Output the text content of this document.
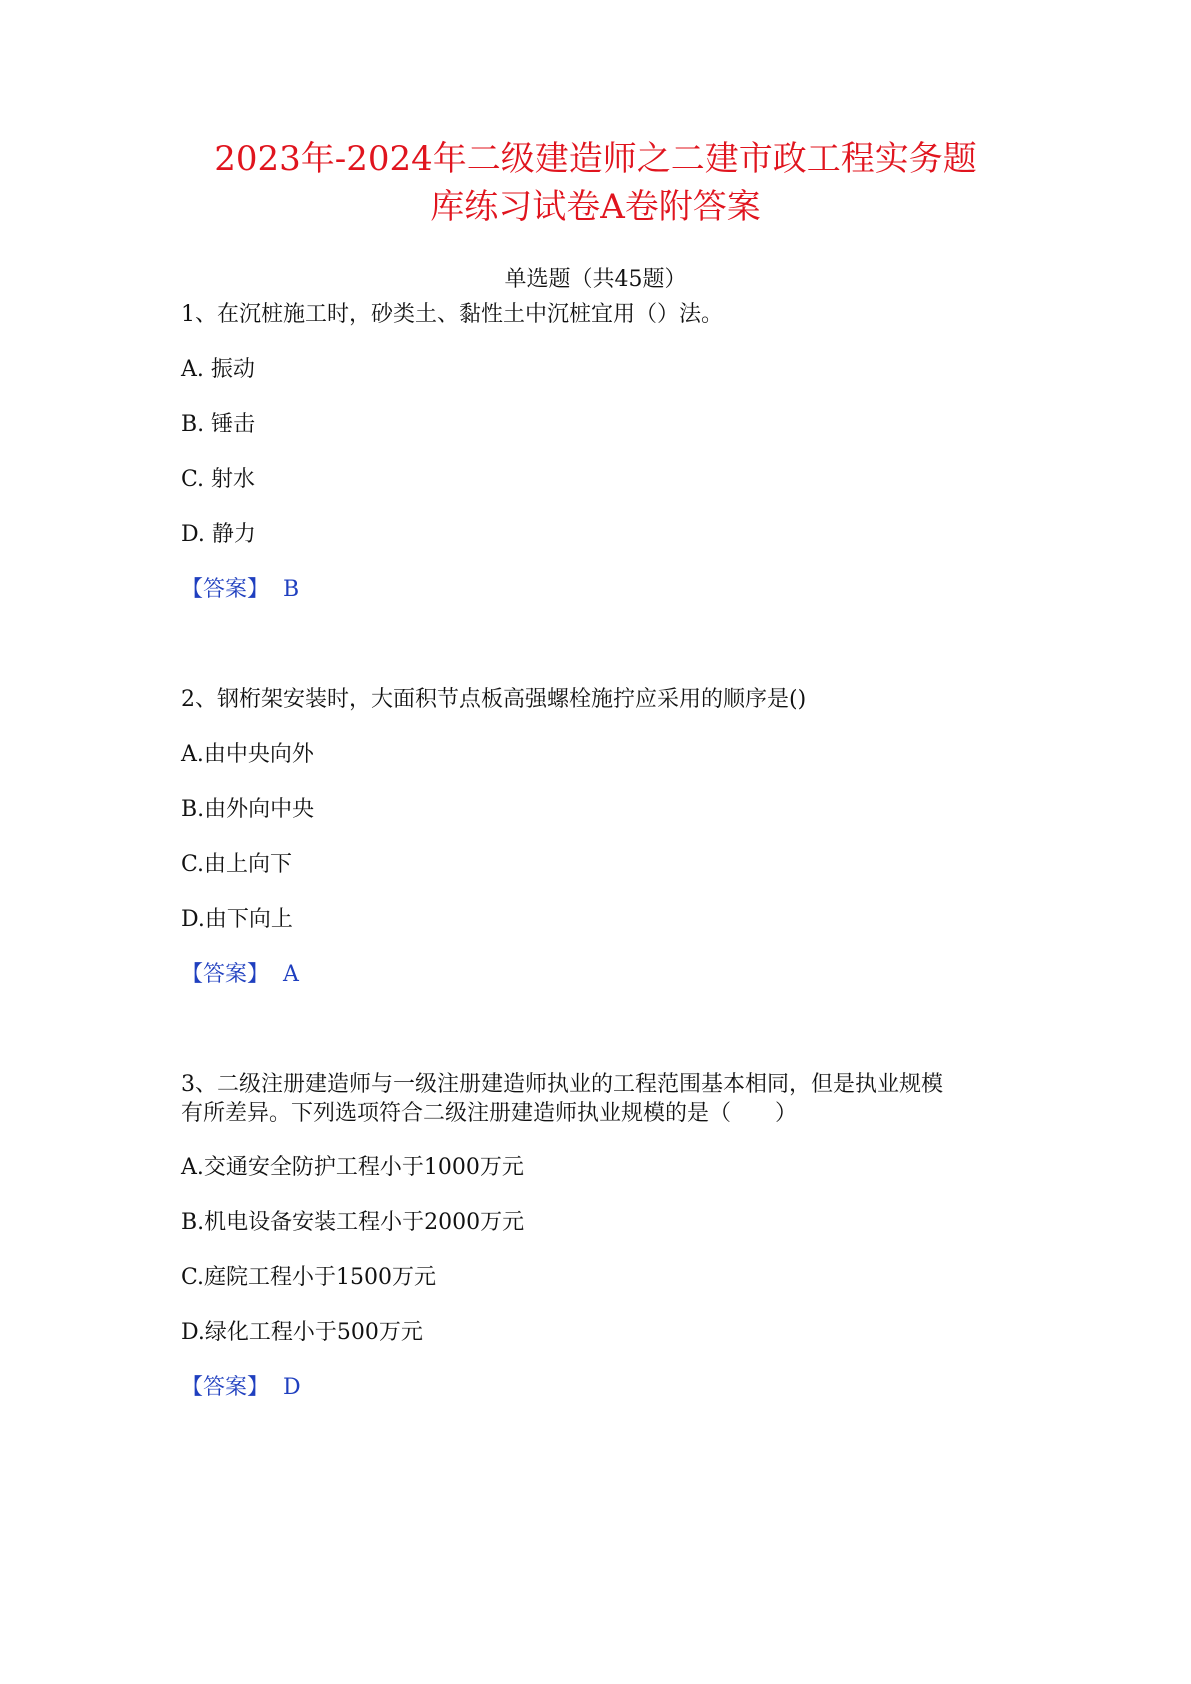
2023年-2024年二级建造师之二建市政工程实务题
库练习试卷A卷附答案
单选题（共45题）
1、在沉桩施工时，砂类土、黏性土中沉桩宜用（）法。
A. 振动
B. 锤击
C. 射水
D. 静力
【答案】 B
2、钢桁架安装时，大面积节点板高强螺栓施拧应采用的顺序是()
A.由中央向外
B.由外向中央
C.由上向下
D.由下向上
【答案】 A
3、二级注册建造师与一级注册建造师执业的工程范围基本相同，但是执业规模
有所差异。下列选项符合二级注册建造师执业规模的是（　　）
A.交通安全防护工程小于1000万元
B.机电设备安装工程小于2000万元
C.庭院工程小于1500万元
D.绿化工程小于500万元
【答案】 D
